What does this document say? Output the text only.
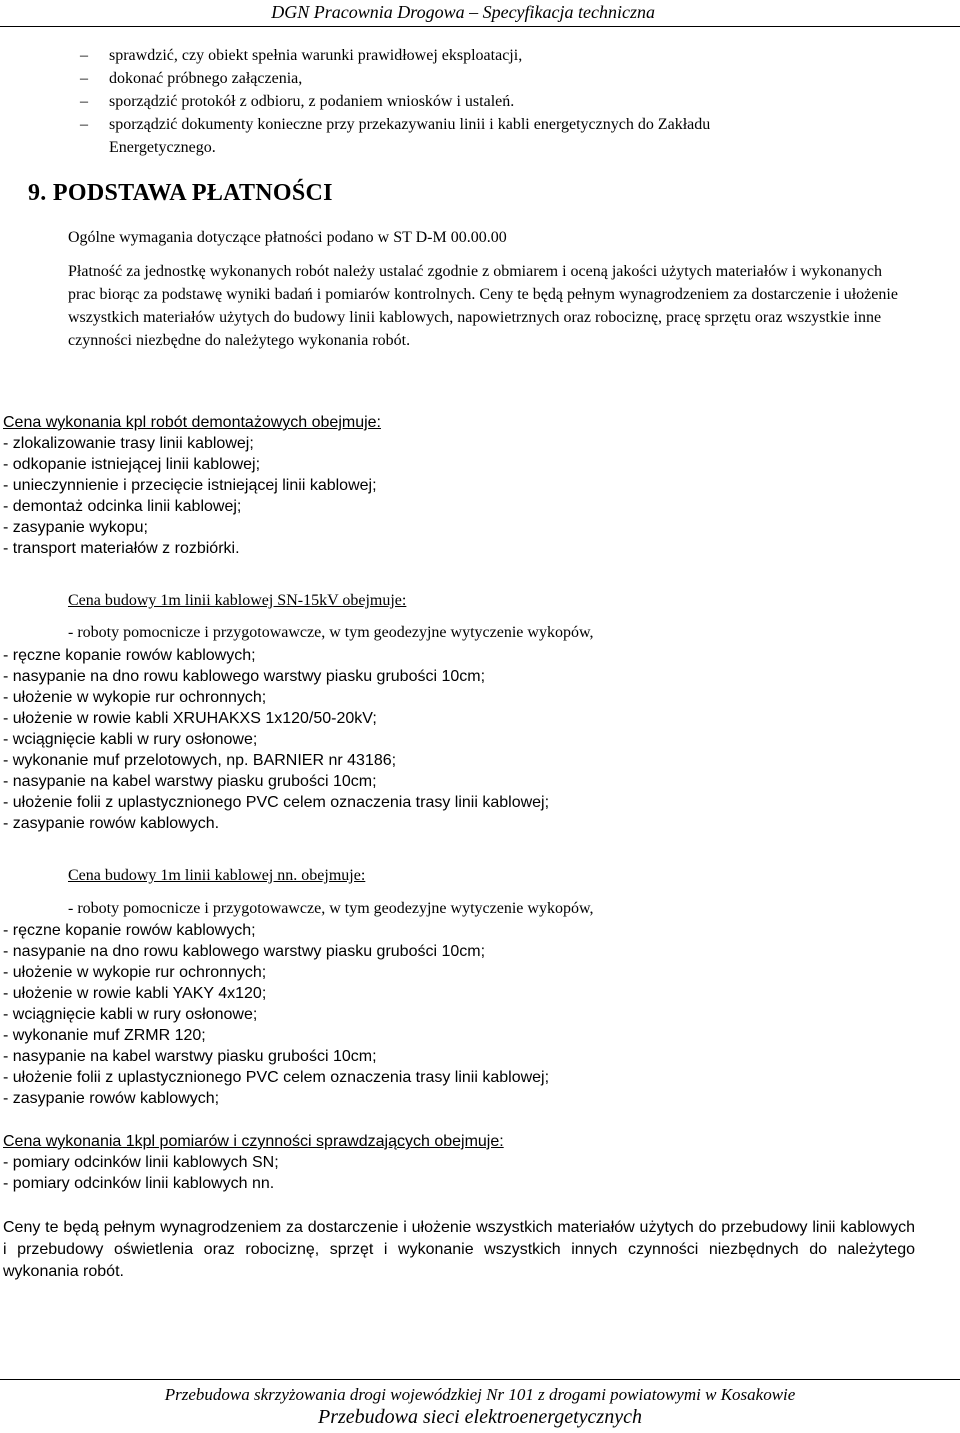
DGN Pracownia Drogowa – Specyfikacja techniczna
–	sprawdzić, czy obiekt spełnia warunki prawidłowej eksploatacji,
–	dokonać próbnego załączenia,
–	sporządzić protokół z odbioru, z podaniem wniosków i ustaleń.
–	sporządzić dokumenty konieczne przy przekazywaniu linii i kabli energetycznych do Zakładu Energetycznego.
9. PODSTAWA PŁATNOŚCI
Ogólne wymagania dotyczące płatności podano w ST D-M 00.00.00
Płatność za jednostkę wykonanych robót należy ustalać zgodnie z obmiarem i oceną jakości użytych materiałów i wykonanych prac biorąc za podstawę wyniki badań i pomiarów kontrolnych. Ceny te będą pełnym wynagrodzeniem za dostarczenie i ułożenie wszystkich materiałów użytych do budowy linii kablowych, napowietrznych oraz robociznę, pracę sprzętu oraz wszystkie inne czynności niezbędne do należytego wykonania robót.
Cena wykonania kpl robót demontażowych obejmuje:
- zlokalizowanie trasy linii kablowej;
- odkopanie istniejącej linii kablowej;
- unieczynnienie i przecięcie istniejącej linii kablowej;
- demontaż odcinka linii kablowej;
- zasypanie wykopu;
- transport materiałów z rozbiórki.
Cena budowy 1m linii kablowej SN-15kV obejmuje:
- roboty pomocnicze i przygotowawcze, w tym geodezyjne wytyczenie wykopów,
- ręczne kopanie rowów kablowych;
- nasypanie na dno rowu kablowego warstwy piasku grubości 10cm;
- ułożenie w wykopie rur ochronnych;
- ułożenie w rowie kabli XRUHAKXS 1x120/50-20kV;
- wciągnięcie kabli w rury osłonowe;
- wykonanie muf przelotowych, np. BARNIER nr 43186;
- nasypanie na kabel warstwy piasku grubości 10cm;
- ułożenie folii z uplastycznionego PVC celem oznaczenia trasy linii kablowej;
- zasypanie rowów kablowych.
Cena budowy 1m linii kablowej nn. obejmuje:
- roboty pomocnicze i przygotowawcze, w tym geodezyjne wytyczenie wykopów,
- ręczne kopanie rowów kablowych;
- nasypanie na dno rowu kablowego warstwy piasku grubości 10cm;
- ułożenie w wykopie rur ochronnych;
- ułożenie w rowie kabli YAKY 4x120;
- wciągnięcie kabli w rury osłonowe;
- wykonanie muf ZRMR 120;
- nasypanie na kabel warstwy piasku grubości 10cm;
- ułożenie folii z uplastycznionego PVC celem oznaczenia trasy linii kablowej;
- zasypanie rowów kablowych;
Cena wykonania 1kpl pomiarów i czynności sprawdzających obejmuje:
- pomiary odcinków linii kablowych SN;
- pomiary odcinków linii kablowych nn.
Ceny te będą pełnym wynagrodzeniem za dostarczenie i ułożenie wszystkich materiałów użytych do przebudowy linii kablowych i przebudowy oświetlenia oraz robociznę, sprzęt i wykonanie wszystkich innych czynności niezbędnych do należytego wykonania robót.
Przebudowa skrzyżowania drogi wojewódzkiej Nr 101 z drogami powiatowymi w Kosakowie
Przebudowa sieci elektroenergetycznych
